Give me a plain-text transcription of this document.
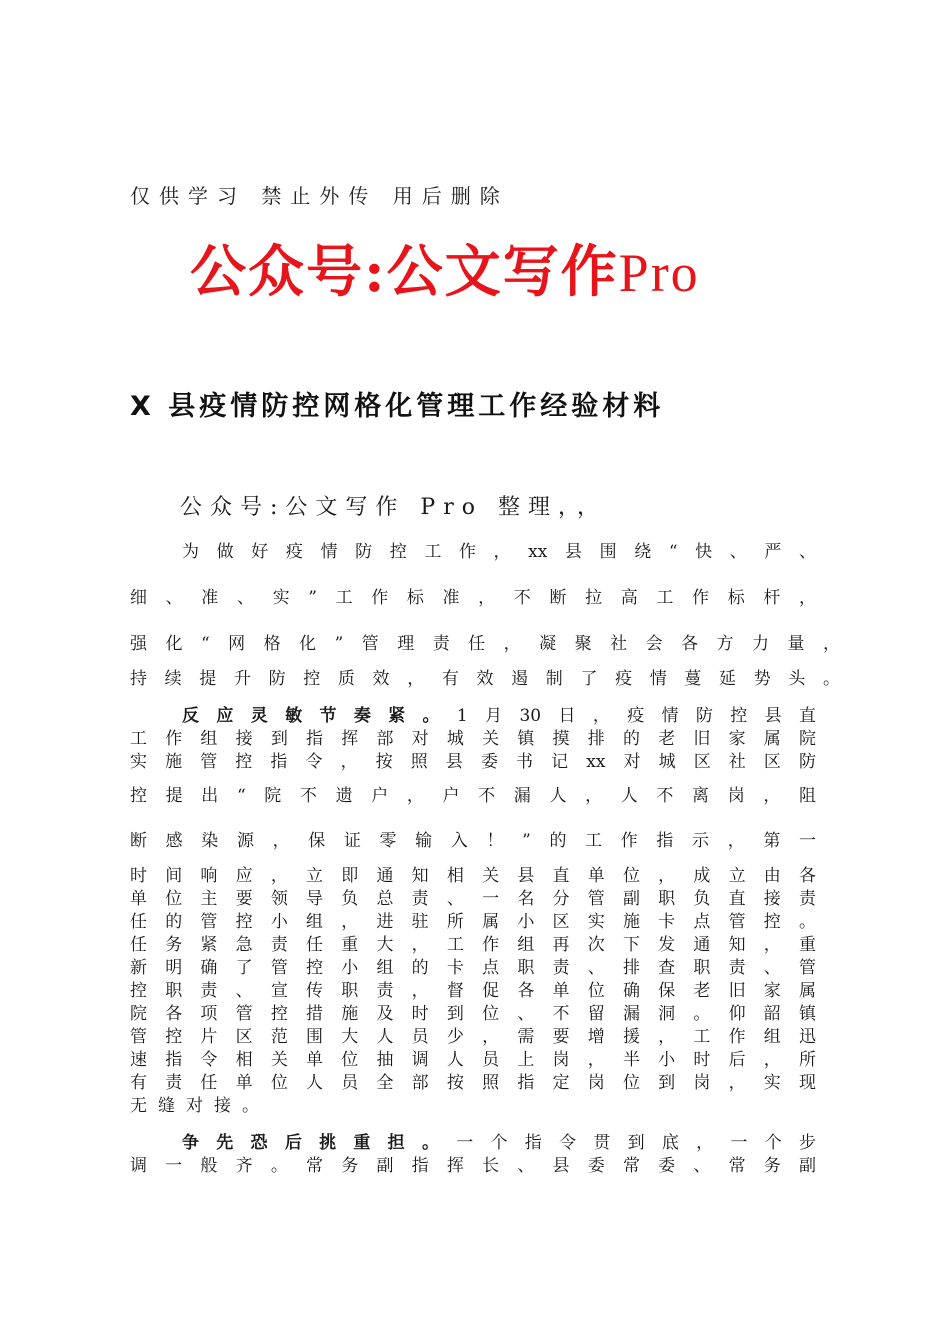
仅供学习 禁止外传 用后删除
公众号:公文写作Pro
X 县疫情防控网格化管理工作经验材料
公众号:公文写作 Pro 整理，，
为做好疫情防控工作，xx县围绕“快、严、
细、准、实”工作标准，不断拉高工作标杆，
强化“网格化”管理责任，凝聚社会各方力量，
持续提升防控质效，有效遏制了疫情蔓延势头。
反应灵敏节奏紧。1月30日，疫情防控县直
工作组接到指挥部对城关镇摸排的老旧家属院
实施管控指令，按照县委书记xx对城区社区防
控提出“院不遗户，户不漏人，人不离岗，阻
断感染源，保证零输入！”的工作指示，第一
时间响应，立即通知相关县直单位，成立由各
单位主要领导负总责、一名分管副职负直接责
任的管控小组，进驻所属小区实施卡点管控。
任务紧急责任重大，工作组再次下发通知，重
新明确了管控小组的卡点职责、排查职责、管
控职责、宣传职责，督促各单位确保老旧家属
院各项管控措施及时到位、不留漏洞。仰韶镇
管控片区范围大人员少，需要增援，工作组迅
速指令相关单位抽调人员上岗，半小时后，所
有责任单位人员全部按照指定岗位到岗，实现
无缝对接。
争先恐后挑重担。一个指令贯到底，一个步
调一般齐。常务副指挥长、县委常委、常务副
